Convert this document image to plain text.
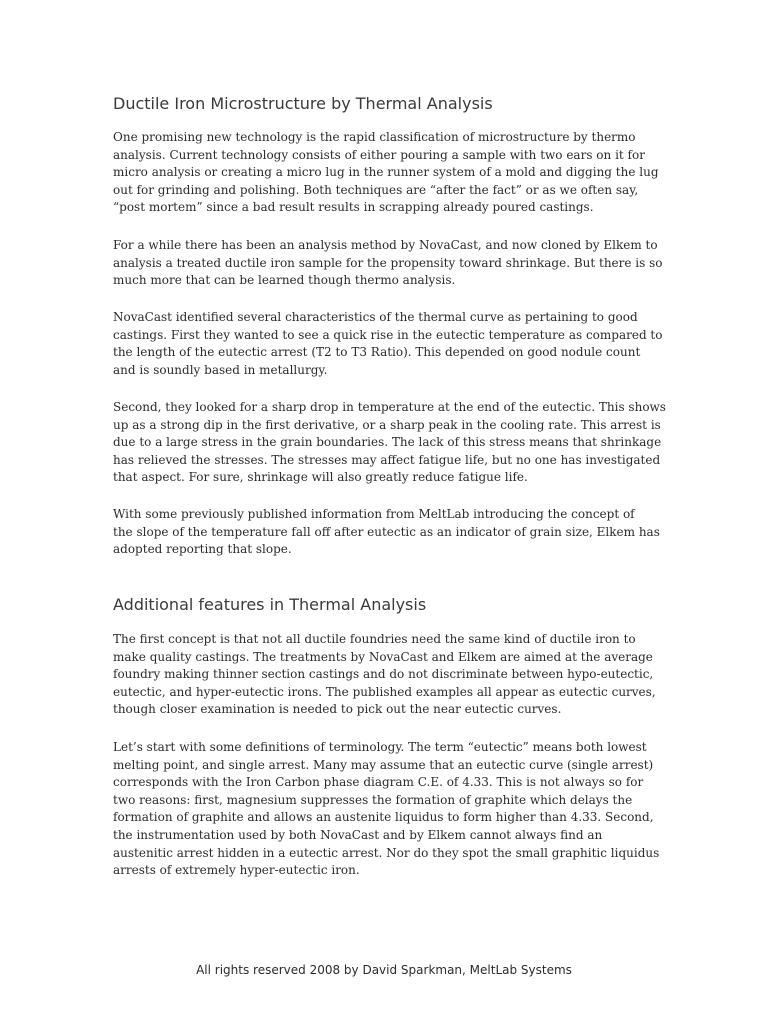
Ductile Iron Microstructure by Thermal Analysis

One promising new technology is the rapid classification of microstructure by thermo
analysis. Current technology consists of either pouring a sample with two ears on it for
micro analysis or creating a micro lug in the runner system of a mold and digging the lug
out for grinding and polishing. Both techniques are “after the fact” or as we often say,
“post mortem” since a bad result results in scrapping already poured castings.

For a while there has been an analysis method by NovaCast, and now cloned by Elkem to
analysis a treated ductile iron sample for the propensity toward shrinkage. But there is so
much more that can be learned though thermo analysis.

NovaCast identified several characteristics of the thermal curve as pertaining to good
castings. First they wanted to see a quick rise in the eutectic temperature as compared to
the length of the eutectic arrest (T2 to T3 Ratio). This depended on good nodule count
and is soundly based in metallurgy.

Second, they looked for a sharp drop in temperature at the end of the eutectic. This shows
up as a strong dip in the first derivative, or a sharp peak in the cooling rate. This arrest is
due to a large stress in the grain boundaries. The lack of this stress means that shrinkage
has relieved the stresses. The stresses may affect fatigue life, but no one has investigated
that aspect. For sure, shrinkage will also greatly reduce fatigue life.

With some previously published information from MeltLab introducing the concept of
the slope of the temperature fall off after eutectic as an indicator of grain size, Elkem has
adopted reporting that slope.

Additional features in Thermal Analysis

The first concept is that not all ductile foundries need the same kind of ductile iron to
make quality castings. The treatments by NovaCast and Elkem are aimed at the average
foundry making thinner section castings and do not discriminate between hypo-eutectic,
eutectic, and hyper-eutectic irons. The published examples all appear as eutectic curves,
though closer examination is needed to pick out the near eutectic curves.

Let’s start with some definitions of terminology. The term “eutectic” means both lowest
melting point, and single arrest. Many may assume that an eutectic curve (single arrest)
corresponds with the Iron Carbon phase diagram C.E. of 4.33. This is not always so for
two reasons: first, magnesium suppresses the formation of graphite which delays the
formation of graphite and allows an austenite liquidus to form higher than 4.33. Second,
the instrumentation used by both NovaCast and by Elkem cannot always find an
austenitic arrest hidden in a eutectic arrest. Nor do they spot the small graphitic liquidus
arrests of extremely hyper-eutectic iron.

All rights reserved 2008 by David Sparkman, MeltLab Systems
